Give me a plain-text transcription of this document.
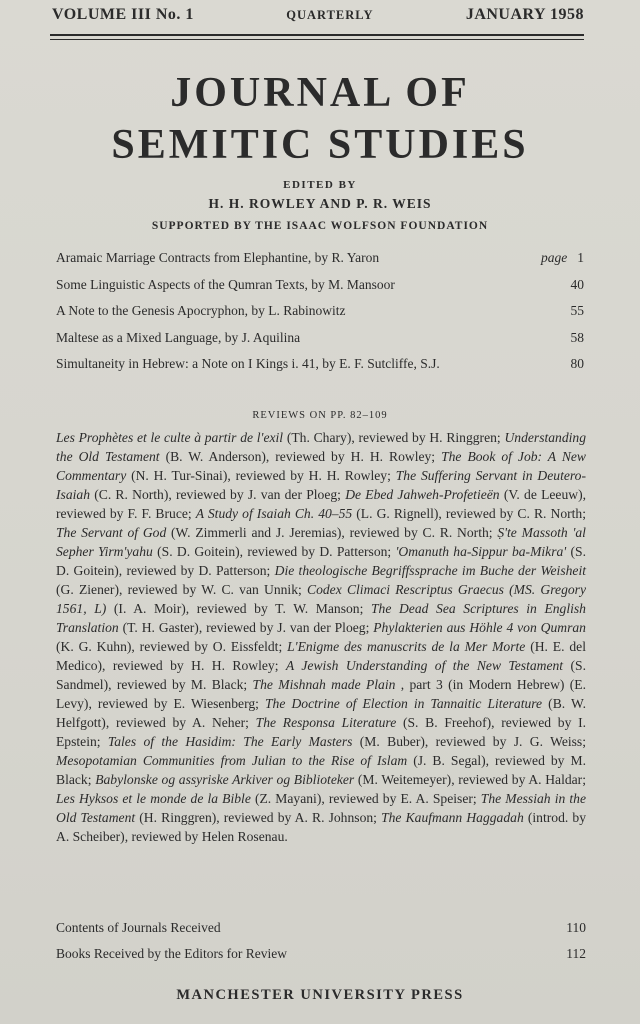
VOLUME III No. 1	QUARTERLY	JANUARY 1958
JOURNAL OF
SEMITIC STUDIES
EDITED BY
H. H. ROWLEY AND P. R. WEIS
SUPPORTED BY THE ISAAC WOLFSON FOUNDATION
Aramaic Marriage Contracts from Elephantine, by R. Yaron	page 1
Some Linguistic Aspects of the Qumran Texts, by M. Mansoor	40
A Note to the Genesis Apocryphon, by L. Rabinowitz	55
Maltese as a Mixed Language, by J. Aquilina	58
Simultaneity in Hebrew: a Note on I Kings i. 41, by E. F. Sutcliffe, S.J.	80
REVIEWS ON PP. 82–109
Les Prophètes et le culte à partir de l'exil (Th. Chary), reviewed by H. Ringgren; Understanding the Old Testament (B. W. Anderson), reviewed by H. H. Rowley; The Book of Job: A New Commentary (N. H. Tur-Sinai), reviewed by H. H. Rowley; The Suffering Servant in Deutero-Isaiah (C. R. North), reviewed by J. van der Ploeg; De Ebed Jahweh-Profetieën (V. de Leeuw), reviewed by F. F. Bruce; A Study of Isaiah Ch. 40–55 (L. G. Rignell), reviewed by C. R. North; The Servant of God (W. Zimmerli and J. Jeremias), reviewed by C. R. North; Ṣ'te Massoth 'al Sepher Yirm'yahu (S. D. Goitein), reviewed by D. Patterson; 'Omanuth ha-Sippur ba-Mikra' (S. D. Goitein), reviewed by D. Patterson; Die theologische Begriffssprache im Buche der Weisheit (G. Ziener), reviewed by W. C. van Unnik; Codex Climaci Rescriptus Graecus (MS. Gregory 1561, L) (I. A. Moir), reviewed by T. W. Manson; The Dead Sea Scriptures in English Translation (T. H. Gaster), reviewed by J. van der Ploeg; Phylakterien aus Höhle 4 von Qumran (K. G. Kuhn), reviewed by O. Eissfeldt; L'Enigme des manuscrits de la Mer Morte (H. E. del Medico), reviewed by H. H. Rowley; A Jewish Understanding of the New Testament (S. Sandmel), reviewed by M. Black; The Mishnah made Plain , part 3 (in Modern Hebrew) (E. Levy), reviewed by E. Wiesenberg; The Doctrine of Election in Tannaitic Literature (B. W. Helfgott), reviewed by A. Neher; The Responsa Literature (S. B. Freehof), reviewed by I. Epstein; Tales of the Hasidim: The Early Masters (M. Buber), reviewed by J. G. Weiss; Mesopotamian Communities from Julian to the Rise of Islam (J. B. Segal), reviewed by M. Black; Babylonske og assyriske Arkiver og Biblioteker (M. Weitemeyer), reviewed by A. Haldar; Les Hyksos et le monde de la Bible (Z. Mayani), reviewed by E. A. Speiser; The Messiah in the Old Testament (H. Ringgren), reviewed by A. R. Johnson; The Kaufmann Haggadah (introd. by A. Scheiber), reviewed by Helen Rosenau.
Contents of Journals Received	110
Books Received by the Editors for Review	112
MANCHESTER UNIVERSITY PRESS
